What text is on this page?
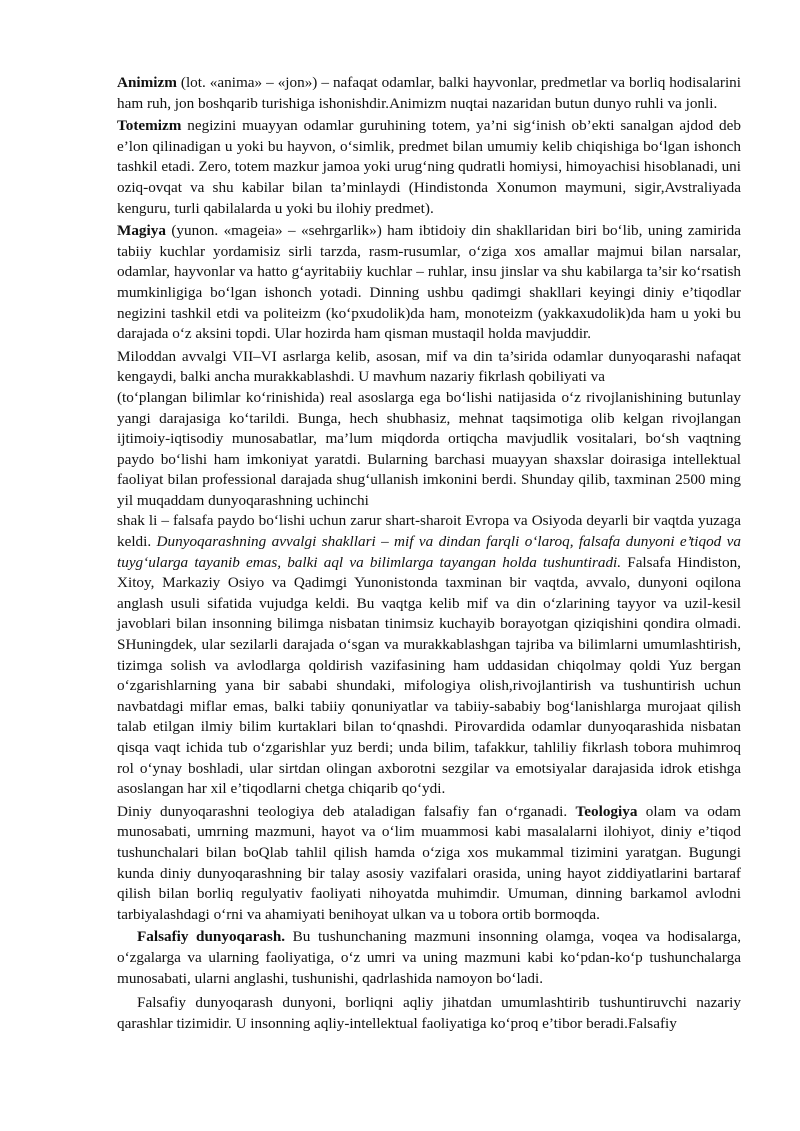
Animizm (lot. «anima» – «jon») – nafaqat odamlar, balki hayvonlar, predmetlar va borliq hodisalarini ham ruh, jon boshqarib turishiga ishonishdir.Animizm nuqtai nazaridan butun dunyo ruhli va jonli.

Totemizm negizini muayyan odamlar guruhining totem, ya’ni sig‘inish ob’ekti sanalgan ajdod deb e’lon qilinadigan u yoki bu hayvon, o‘simlik, predmet bilan umumiy kelib chiqishiga bo‘lgan ishonch tashkil etadi. Zero, totem mazkur jamoa yoki urug‘ning qudratli homiysi, himoyachisi hisoblanadi, uni oziq-ovqat va shu kabilar bilan ta’minlaydi (Hindistonda Xonumon maymuni, sigir,Avstraliyada kenguru, turli qabilalarda u yoki bu ilohiy predmet).

Magiya (yunon. «mageia» – «sehrgarlik») ham ibtidoiy din shakllaridan biri bo‘lib, uning zamirida tabiiy kuchlar yordamisiz sirli tarzda, rasm-rusumlar, o‘ziga xos amallar majmui bilan narsalar, odamlar, hayvonlar va hatto g‘ayritabiiy kuchlar – ruhlar, insu jinslar va shu kabilarga ta’sir ko‘rsatish mumkinligiga bo‘lgan ishonch yotadi. Dinning ushbu qadimgi shakllari keyingi diniy e’tiqodlar negizini tashkil etdi va politeizm (ko‘pxudolik)da ham, monoteizm (yakkaxudolik)da ham u yoki bu darajada o‘z aksini topdi. Ular hozirda ham qisman mustaqil holda mavjuddir.

Miloddan avvalgi VII–VI asrlarga kelib, asosan, mif va din ta’sirida odamlar dunyoqarashi nafaqat kengaydi, balki ancha murakkablashdi. U mavhum nazariy fikrlash qobiliyati va

(to‘plangan bilimlar ko‘rinishida) real asoslarga ega bo‘lishi natijasida o‘z rivojlanishining butunlay yangi darajasiga ko‘tarildi. Bunga, hech shubhasiz, mehnat taqsimotiga olib kelgan rivojlangan ijtimoiy-iqtisodiy munosabatlar, ma’lum miqdorda ortiqcha mavjudlik vositalari, bo‘sh vaqtning paydo bo‘lishi ham imkoniyat yaratdi. Bularning barchasi muayyan shaxslar doirasiga intellektual faoliyat bilan professional darajada shug‘ullanish imkonini berdi. Shunday qilib, taxminan 2500 ming yil muqaddam dunyoqarashning uchinchi

shak li – falsafa paydo bo‘lishi uchun zarur shart-sharoit Evropa va Osiyoda deyarli bir vaqtda yuzaga keldi. Dunyoqarashning avvalgi shakllari – mif va dindan farqli o‘laroq, falsafa dunyoni e’tiqod va tuyg‘ularga tayanib emas, balki aql va bilimlarga tayangan holda tushuntiradi. Falsafa Hindiston, Xitoy, Markaziy Osiyo va Qadimgi Yunonistonda taxminan bir vaqtda, avvalo, dunyoni oqilona anglash usuli sifatida vujudga keldi. Bu vaqtga kelib mif va din o‘zlarining tayyor va uzil-kesil javoblari bilan insonning bilimga nisbatan tinimsiz kuchayib borayotgan qiziqishini qondira olmadi. SHuningdek, ular sezilarli darajada o‘sgan va murakkablashgan tajriba va bilimlarni umumlashtirish, tizimga solish va avlodlarga qoldirish vazifasining ham uddasidan chiqolmay qoldi Yuz bergan o‘zgarishlarning yana bir sababi shundaki, mifologiya olish,rivojlantirish va tushuntirish uchun navbatdagi miflar emas, balki tabiiy qonuniyatlar va tabiiy-sababiy bog‘lanishlarga murojaat qilish talab etilgan ilmiy bilim kurtaklari bilan to‘qnashdi. Pirovardida odamlar dunyoqarashida nisbatan qisqa vaqt ichida tub o‘zgarishlar yuz berdi; unda bilim, tafakkur, tahliliy fikrlash tobora muhimroq rol o‘ynay boshladi, ular sirtdan olingan axborotni sezgilar va emotsiyalar darajasida idrok etishga asoslangan har xil e’tiqodlarni chetga chiqarib qo‘ydi.

Diniy dunyoqarashni teologiya deb ataladigan falsafiy fan o‘rganadi. Teologiya olam va odam munosabati, umrning mazmuni, hayot va o‘lim muammosi kabi masalalarni ilohiyot, diniy e’tiqod tushunchalari bilan boQlab tahlil qilish hamda o‘ziga xos mukammal tizimini yaratgan. Bugungi kunda diniy dunyoqarashning bir talay asosiy vazifalari orasida, uning hayot ziddiyatlarini bartaraf qilish bilan borliq regulyativ faoliyati nihoyatda muhimdir. Umuman, dinning barkamol avlodni tarbiyalashdagi o‘rni va ahamiyati benihoyat ulkan va u tobora ortib bormoqda.

Falsafiy dunyoqarash. Bu tushunchaning mazmuni insonning olamga, voqea va hodisalarga, o‘zgalarga va ularning faoliyatiga, o‘z umri va uning mazmuni kabi ko‘pdan-ko‘p tushunchalarga munosabati, ularni anglashi, tushunishi, qadrlashida namoyon bo‘ladi.

Falsafiy dunyoqarash dunyoni, borliqni aqliy jihatdan umumlashtirib tushuntiruvchi nazariy qarashlar tizimidir. U insonning aqliy-intellektual faoliyatiga ko‘proq e’tibor beradi.Falsafiy
